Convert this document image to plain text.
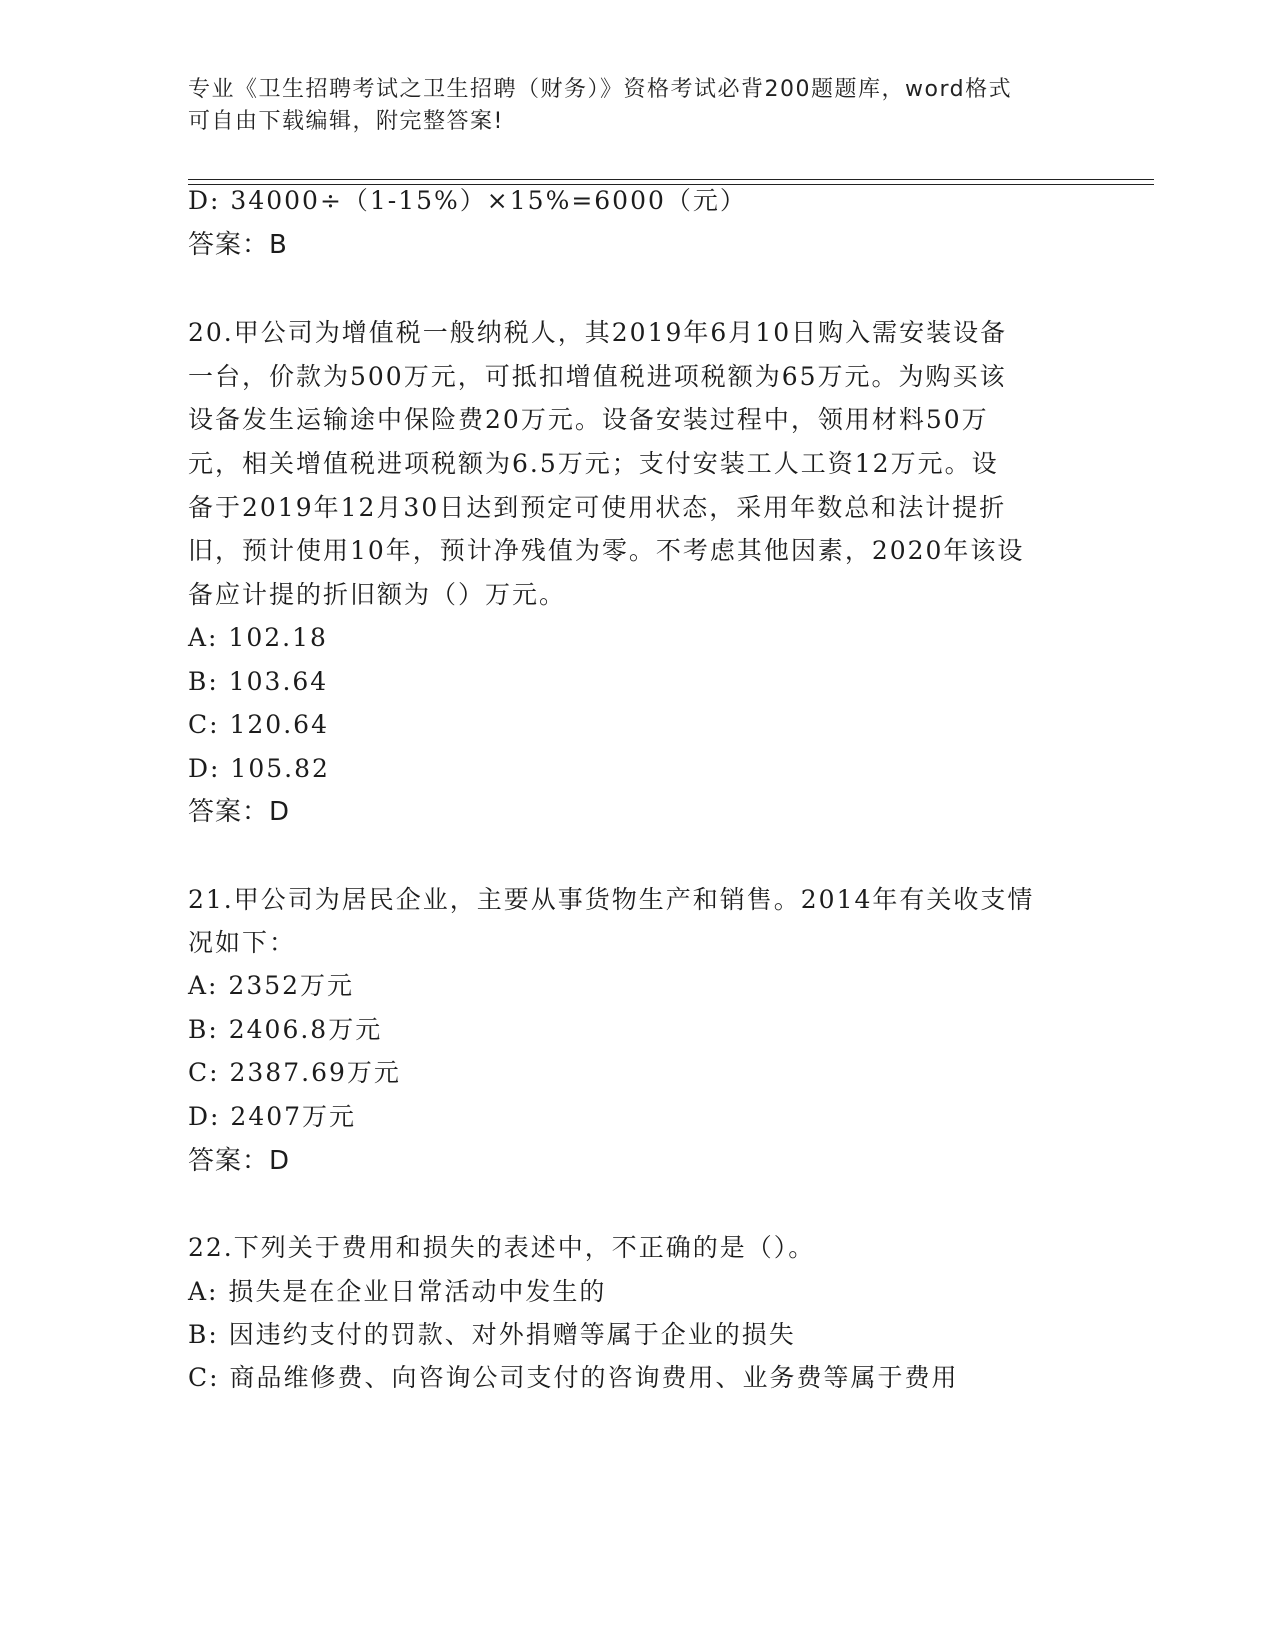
专业《卫生招聘考试之卫生招聘（财务）》资格考试必背200题题库，word格式
可自由下载编辑，附完整答案!
D: 34000÷（1-15%）×15%=6000（元）
答案：B
20.甲公司为增值税一般纳税人，其2019年6月10日购入需安装设备
一台，价款为500万元，可抵扣增值税进项税额为65万元。为购买该
设备发生运输途中保险费20万元。设备安装过程中，领用材料50万
元，相关增值税进项税额为6.5万元；支付安装工人工资12万元。设
备于2019年12月30日达到预定可使用状态，采用年数总和法计提折
旧，预计使用10年，预计净残值为零。不考虑其他因素，2020年该设
备应计提的折旧额为（）万元。
A: 102.18
B: 103.64
C: 120.64
D: 105.82
答案：D
21.甲公司为居民企业，主要从事货物生产和销售。2014年有关收支情
况如下：
A: 2352万元
B: 2406.8万元
C: 2387.69万元
D: 2407万元
答案：D
22.下列关于费用和损失的表述中，不正确的是（）。
A: 损失是在企业日常活动中发生的
B: 因违约支付的罚款、对外捐赠等属于企业的损失
C: 商品维修费、向咨询公司支付的咨询费用、业务费等属于费用
